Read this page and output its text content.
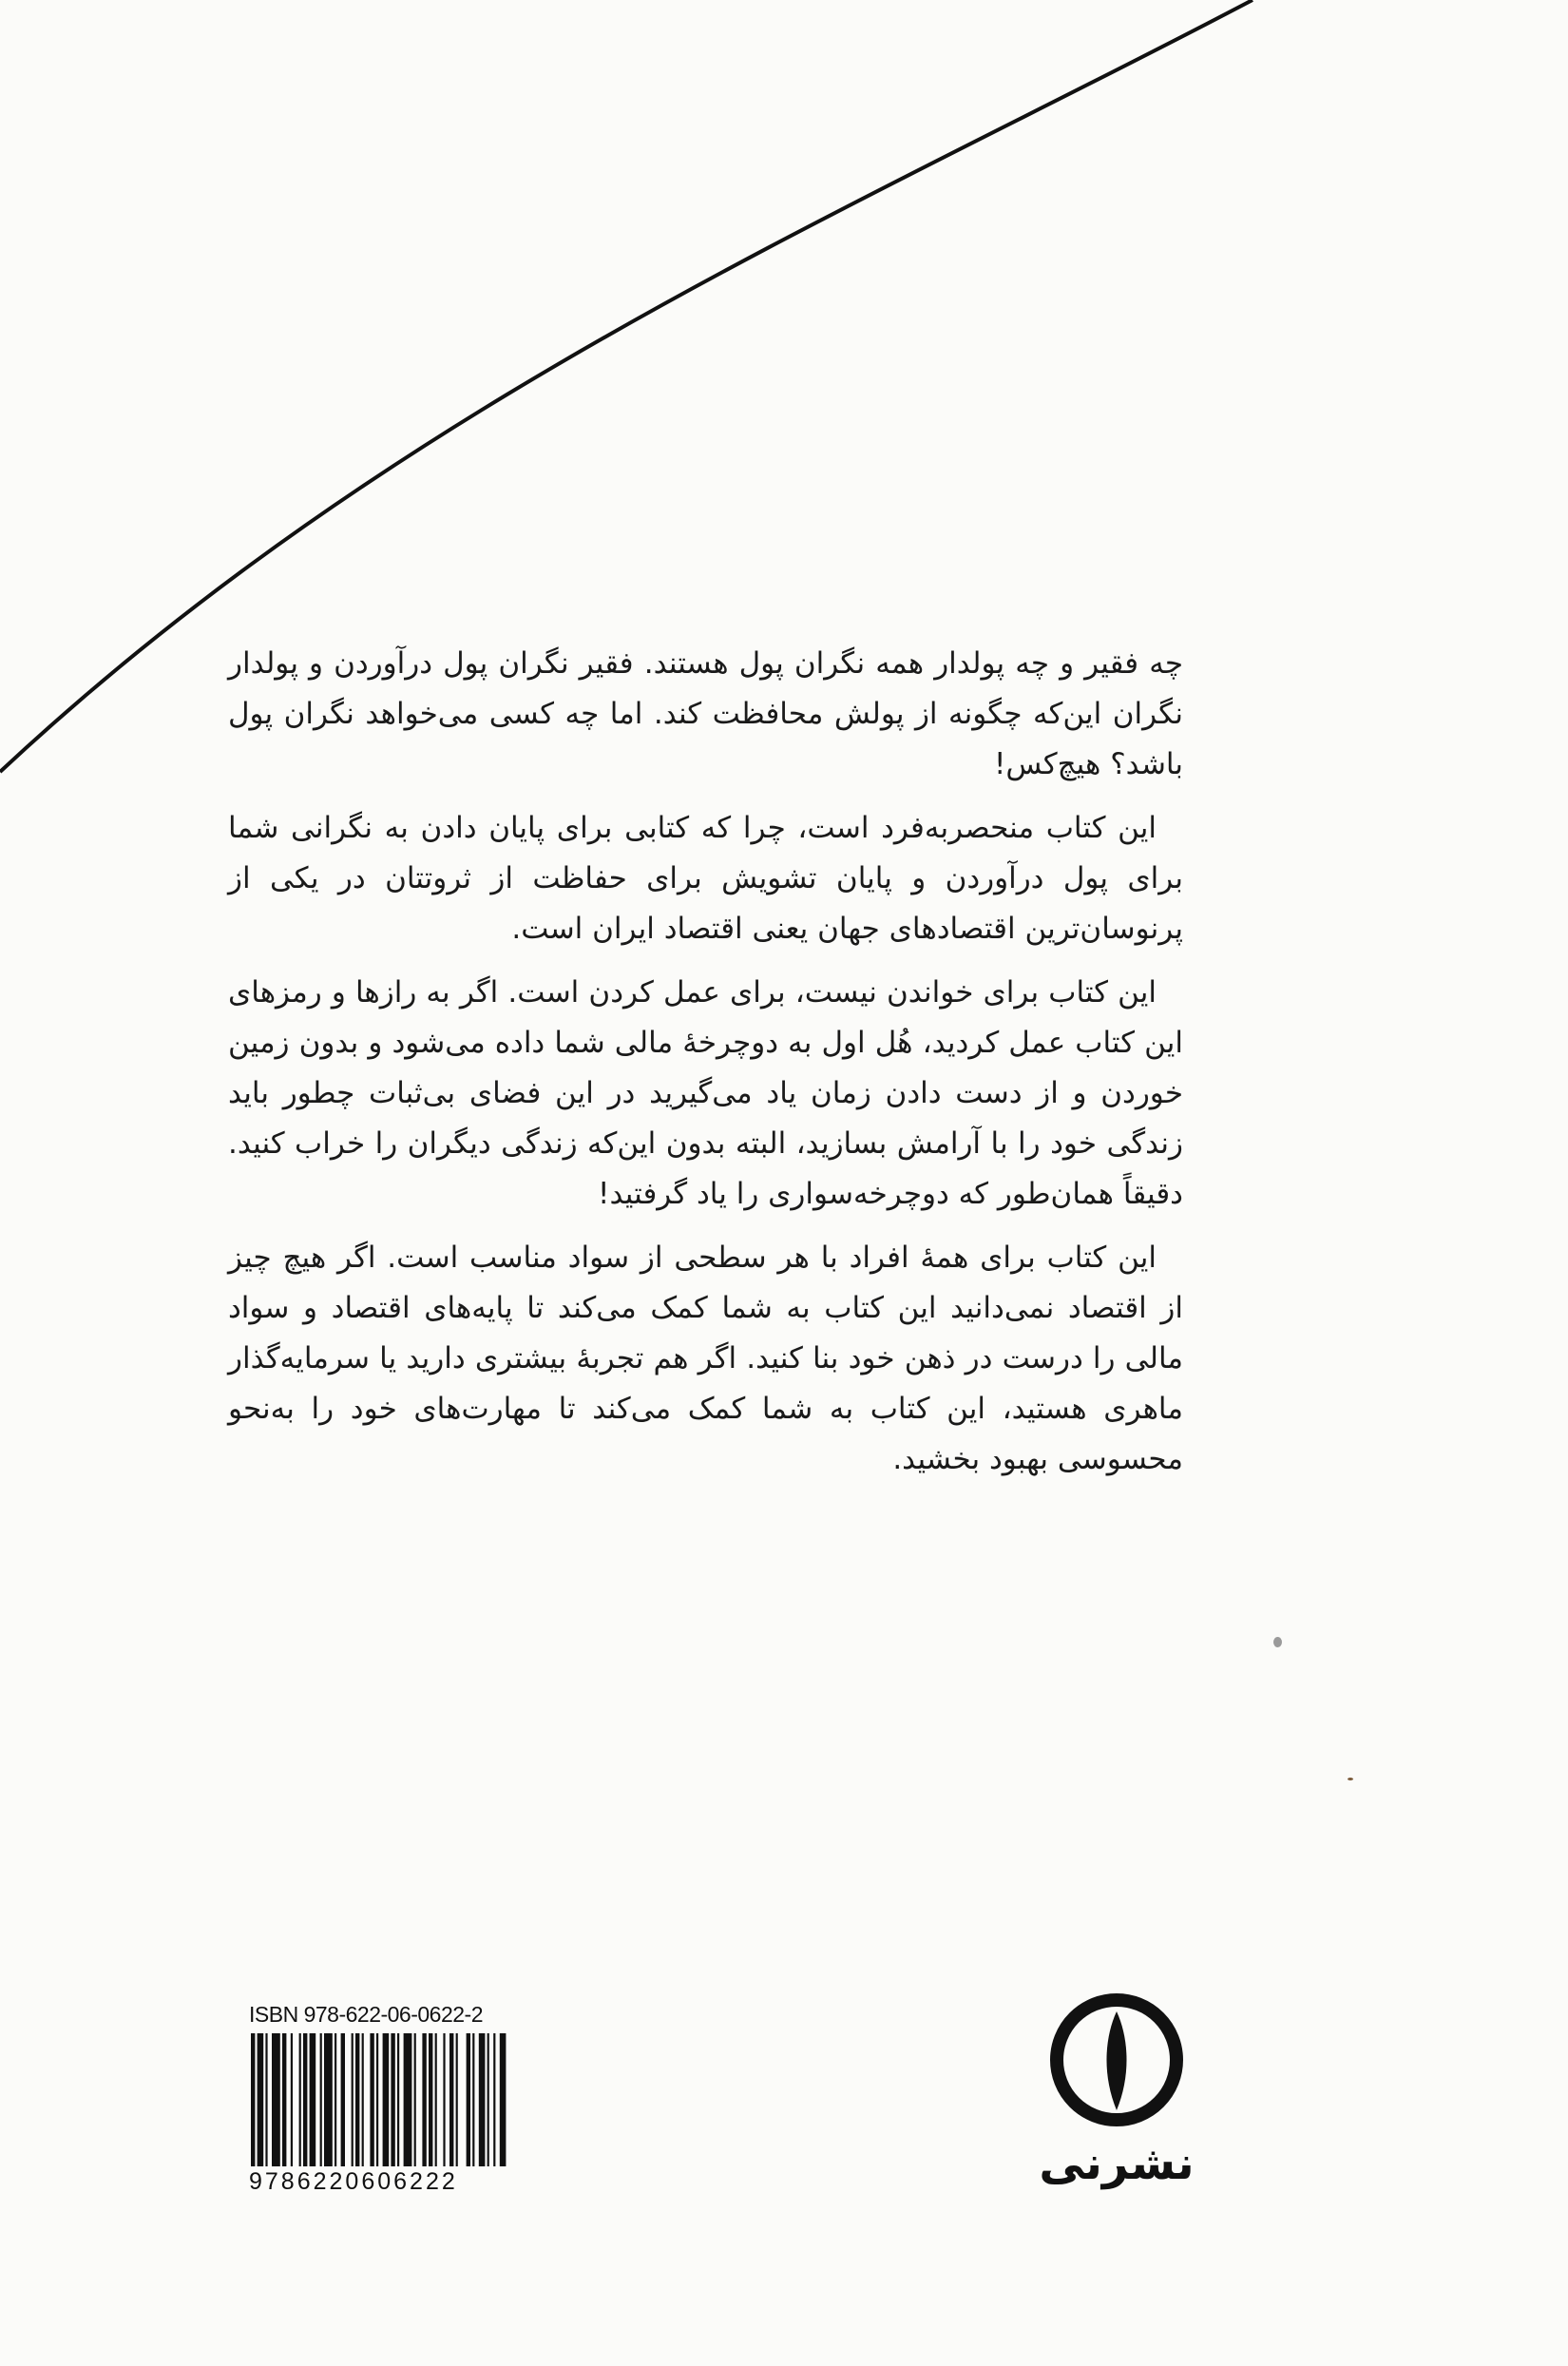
چه فقیر و چه پولدار همه نگران پول هستند. فقیر نگران پول درآوردن و پولدار نگران این‌که چگونه از پولش محافظت کند. اما چه کسی می‌خواهد نگران پول باشد؟ هیچ‌کس!

این کتاب منحصربه‌فرد است، چرا که کتابی برای پایان دادن به نگرانی شما برای پول درآوردن و پایان تشویش برای حفاظت از ثروتتان در یکی از پرنوسان‌ترین اقتصادهای جهان یعنی اقتصاد ایران است.

این کتاب برای خواندن نیست، برای عمل کردن است. اگر به رازها و رمزهای این کتاب عمل کردید، هُل اول به دوچرخهٔ مالی شما داده می‌شود و بدون زمین خوردن و از دست دادن زمان یاد می‌گیرید در این فضای بی‌ثبات چطور باید زندگی خود را با آرامش بسازید، البته بدون این‌که زندگی دیگران را خراب کنید. دقیقاً همان‌طور که دوچرخه‌سواری را یاد گرفتید!

این کتاب برای همهٔ افراد با هر سطحی از سواد مناسب است. اگر هیچ چیز از اقتصاد نمی‌دانید این کتاب به شما کمک می‌کند تا پایه‌های اقتصاد و سواد مالی را درست در ذهن خود بنا کنید. اگر هم تجربهٔ بیشتری دارید یا سرمایه‌گذار ماهری هستید، این کتاب به شما کمک می‌کند تا مهارت‌های خود را به‌نحو محسوسی بهبود بخشید.

ISBN 978-622-06-0622-2
9786220606222	نشرنی
